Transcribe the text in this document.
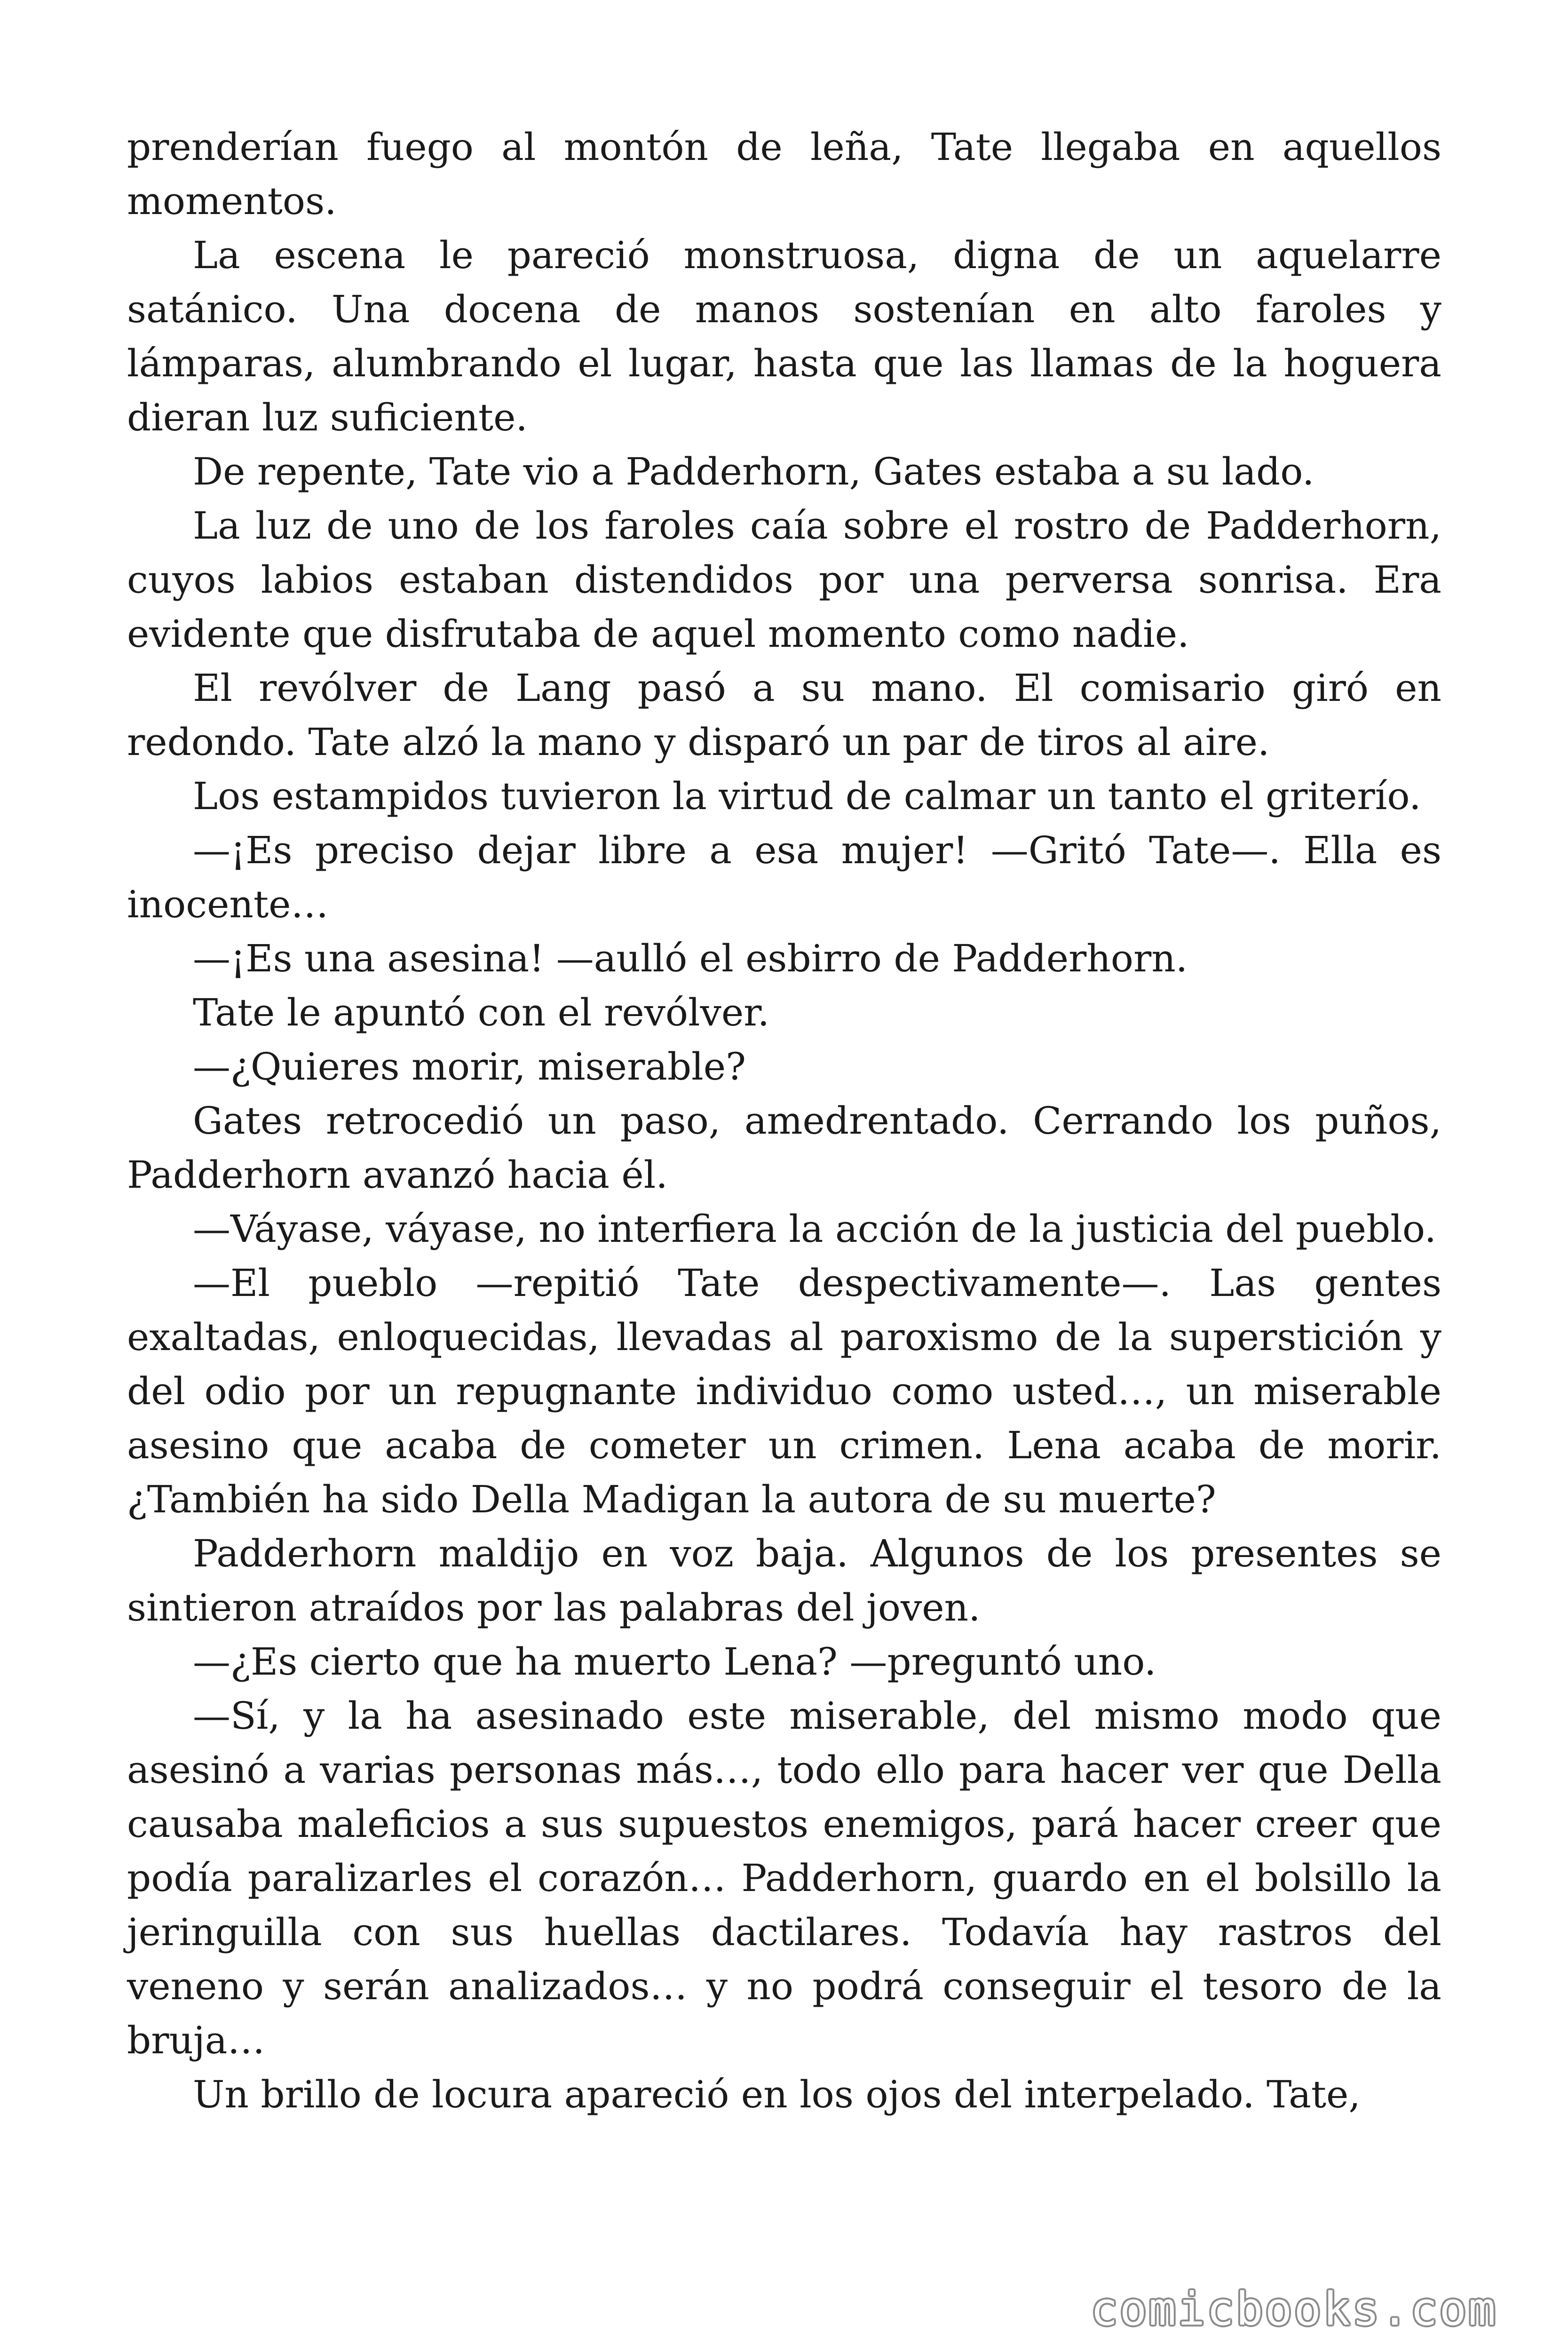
prenderían fuego al montón de leña, Tate llegaba en aquellos momentos.

La escena le pareció monstruosa, digna de un aquelarre satánico. Una docena de manos sostenían en alto faroles y lámparas, alumbrando el lugar, hasta que las llamas de la hoguera dieran luz suficiente.

De repente, Tate vio a Padderhorn, Gates estaba a su lado.

La luz de uno de los faroles caía sobre el rostro de Padderhorn, cuyos labios estaban distendidos por una perversa sonrisa. Era evidente que disfrutaba de aquel momento como nadie.

El revólver de Lang pasó a su mano. El comisario giró en redondo. Tate alzó la mano y disparó un par de tiros al aire.

Los estampidos tuvieron la virtud de calmar un tanto el griterío.

—¡Es preciso dejar libre a esa mujer! —Gritó Tate—. Ella es inocente…

—¡Es una asesina! —aulló el esbirro de Padderhorn.

Tate le apuntó con el revólver.

—¿Quieres morir, miserable?

Gates retrocedió un paso, amedrentado. Cerrando los puños, Padderhorn avanzó hacia él.

—Váyase, váyase, no interfiera la acción de la justicia del pueblo.

—El pueblo —repitió Tate despectivamente—. Las gentes exaltadas, enloquecidas, llevadas al paroxismo de la superstición y del odio por un repugnante individuo como usted…, un miserable asesino que acaba de cometer un crimen. Lena acaba de morir. ¿También ha sido Della Madigan la autora de su muerte?

Padderhorn maldijo en voz baja. Algunos de los presentes se sintieron atraídos por las palabras del joven.

—¿Es cierto que ha muerto Lena? —preguntó uno.

—Sí, y la ha asesinado este miserable, del mismo modo que asesinó a varias personas más…, todo ello para hacer ver que Della causaba maleficios a sus supuestos enemigos, pará hacer creer que podía paralizarles el corazón… Padderhorn, guardo en el bolsillo la jeringuilla con sus huellas dactilares. Todavía hay rastros del veneno y serán analizados… y no podrá conseguir el tesoro de la bruja…

Un brillo de locura apareció en los ojos del interpelado. Tate,

comicbooks.com
